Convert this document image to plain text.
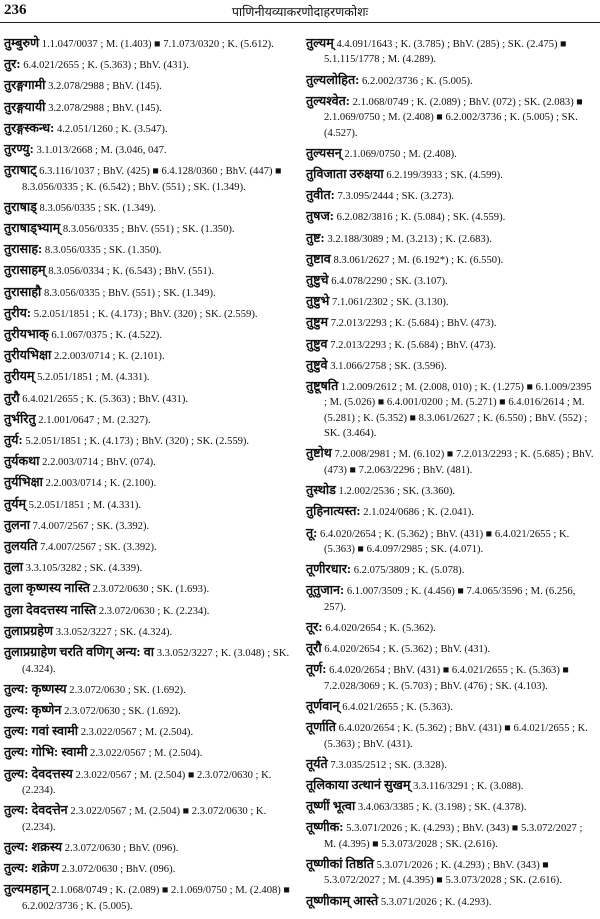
236	पाणिनीयव्याकरणोदाहरणकोशः

तुम्बुरुणे 1.1.047/0037 ; M. (1.403) ■ 7.1.073/0320 ; K. (5.612).

तुर: 6.4.021/2655 ; K. (5.363) ; BhV. (431).

तुरङ्गगामी 3.2.078/2988 ; BhV. (145).

तुरङ्गयायी 3.2.078/2988 ; BhV. (145).

तुरङ्गस्कन्ध: 4.2.051/1260 ; K. (3.547).

तुरण्यु: 3.1.013/2668 ; M. (3.046, 047.

तुराषाट् 6.3.116/1037 ; BhV. (425) ■ 6.4.128/0360 ; BhV. (447) ■ 8.3.056/0335 ; K. (6.542) ; BhV. (551) ; SK. (1.349).

तुराषाड् 8.3.056/0335 ; SK. (1.349).

तुराषाड्भ्याम् 8.3.056/0335 ; BhV. (551) ; SK. (1.350).

तुरासाह: 8.3.056/0335 ; SK. (1.350).

तुरासाहम् 8.3.056/0334 ; K. (6.543) ; BhV. (551).

तुरासाहौ 8.3.056/0335 ; BhV. (551) ; SK. (1.349).

तुरीय: 5.2.051/1851 ; K. (4.173) ; BhV. (320) ; SK. (2.559).

तुरीयभाक् 6.1.067/0375 ; K. (4.522).

तुरीयभिक्षा 2.2.003/0714 ; K. (2.101).

तुरीयम् 5.2.051/1851 ; M. (4.331).

तुरौ 6.4.021/2655 ; K. (5.363) ; BhV. (431).

तुर्भरितु 2.1.001/0647 ; M. (2.327).

तुर्य: 5.2.051/1851 ; K. (4.173) ; BhV. (320) ; SK. (2.559).

तुर्यकथा 2.2.003/0714 ; BhV. (074).

तुर्यभिक्षा 2.2.003/0714 ; K. (2.100).

तुर्यम् 5.2.051/1851 ; M. (4.331).

तुलना 7.4.007/2567 ; SK. (3.392).

तुलयति 7.4.007/2567 ; SK. (3.392).

तुला 3.3.105/3282 ; SK. (4.339).

तुला कृष्णस्य नास्ति 2.3.072/0630 ; SK. (1.693).

तुला देवदत्तस्य नास्ति 2.3.072/0630 ; K. (2.234).

तुलाप्रग्रहेण 3.3.052/3227 ; SK. (4.324).

तुलाप्रग्राहेण चरति वणिग् अन्य: वा 3.3.052/3227 ; K. (3.048) ; SK. (4.324).

तुल्य: कृष्णस्य 2.3.072/0630 ; SK. (1.692).

तुल्य: कृष्णेन 2.3.072/0630 ; SK. (1.692).

तुल्य: गवां स्वामी 2.3.022/0567 ; M. (2.504).

तुल्य: गोभि: स्वामी 2.3.022/0567 ; M. (2.504).

तुल्य: देवदत्तस्य 2.3.022/0567 ; M. (2.504) ■ 2.3.072/0630 ; K. (2.234).

तुल्य: देवदत्तेन 2.3.022/0567 ; M. (2.504) ■ 2.3.072/0630 ; K. (2.234).

तुल्य: शक्रस्य 2.3.072/0630 ; BhV. (096).

तुल्य: शक्रेण 2.3.072/0630 ; BhV. (096).

तुल्यमहान् 2.1.068/0749 ; K. (2.089) ■ 2.1.069/0750 ; M. (2.408) ■ 6.2.002/3736 ; K. (5.005).

तुल्यम् 4.4.091/1643 ; K. (3.785) ; BhV. (285) ; SK. (2.475) ■ 5.1.115/1778 ; M. (4.289).

तुल्यलोहित: 6.2.002/3736 ; K. (5.005).

तुल्यश्वेत: 2.1.068/0749 ; K. (2.089) ; BhV. (072) ; SK. (2.083) ■ 2.1.069/0750 ; M. (2.408) ■ 6.2.002/3736 ; K. (5.005) ; SK. (4.527).

तुल्यसन् 2.1.069/0750 ; M. (2.408).

तुविजाता उरुक्षया 6.2.199/3933 ; SK. (4.599).

तुवीत: 7.3.095/2444 ; SK. (3.273).

तुषज: 6.2.082/3816 ; K. (5.084) ; SK. (4.559).

तुष्ट: 3.2.188/3089 ; M. (3.213) ; K. (2.683).

तुष्टाव 8.3.061/2627 ; M. (6.192*) ; K. (6.550).

तुष्टुचे 6.4.078/2290 ; SK. (3.107).

तुष्टुभे 7.1.061/2302 ; SK. (3.130).

तुष्टुम 7.2.013/2293 ; K. (5.684) ; BhV. (473).

तुष्टुव 7.2.013/2293 ; K. (5.684) ; BhV. (473).

तुष्टुवे 3.1.066/2758 ; SK. (3.596).

तुष्टूषति 1.2.009/2612 ; M. (2.008, 010) ; K. (1.275) ■ 6.1.009/2395 ; M. (5.026) ■ 6.4.001/0200 ; M. (5.271) ■ 6.4.016/2614 ; M. (5.281) ; K. (5.352) ■ 8.3.061/2627 ; K. (6.550) ; BhV. (552) ; SK. (3.464).

तुष्टोथ 7.2.008/2981 ; M. (6.102) ■ 7.2.013/2293 ; K. (5.685) ; BhV. (473) ■ 7.2.063/2296 ; BhV. (481).

तुस्थोड 1.2.002/2536 ; SK. (3.360).

तुहिनात्यस्त: 2.1.024/0686 ; K. (2.041).

तू: 6.4.020/2654 ; K. (5.362) ; BhV. (431) ■ 6.4.021/2655 ; K. (5.363) ■ 6.4.097/2985 ; SK. (4.071).

तूणीरधार: 6.2.075/3809 ; K. (5.078).

तूतुजान: 6.1.007/3509 ; K. (4.456) ■ 7.4.065/3596 ; M. (6.256, 257).

तूर: 6.4.020/2654 ; K. (5.362).

तूरौ 6.4.020/2654 ; K. (5.362) ; BhV. (431).

तूर्ण: 6.4.020/2654 ; BhV. (431) ■ 6.4.021/2655 ; K. (5.363) ■ 7.2.028/3069 ; K. (5.703) ; BhV. (476) ; SK. (4.103).

तूर्णवान् 6.4.021/2655 ; K. (5.363).

तूर्णाति 6.4.020/2654 ; K. (5.362) ; BhV. (431) ■ 6.4.021/2655 ; K. (5.363) ; BhV. (431).

तूर्यते 7.3.035/2512 ; SK. (3.328).

तूलिकाया उत्थानं सुखम् 3.3.116/3291 ; K. (3.088).

तूष्णीं भूत्वा 3.4.063/3385 ; K. (3.198) ; SK. (4.378).

तूष्णीक: 5.3.071/2026 ; K. (4.293) ; BhV. (343) ■ 5.3.072/2027 ; M. (4.395) ■ 5.3.073/2028 ; SK. (2.616).

तूष्णीकां तिष्ठति 5.3.071/2026 ; K. (4.293) ; BhV. (343) ■ 5.3.072/2027 ; M. (4.395) ■ 5.3.073/2028 ; SK. (2.616).

तूष्णीकाम् आस्ते 5.3.071/2026 ; K. (4.293).
